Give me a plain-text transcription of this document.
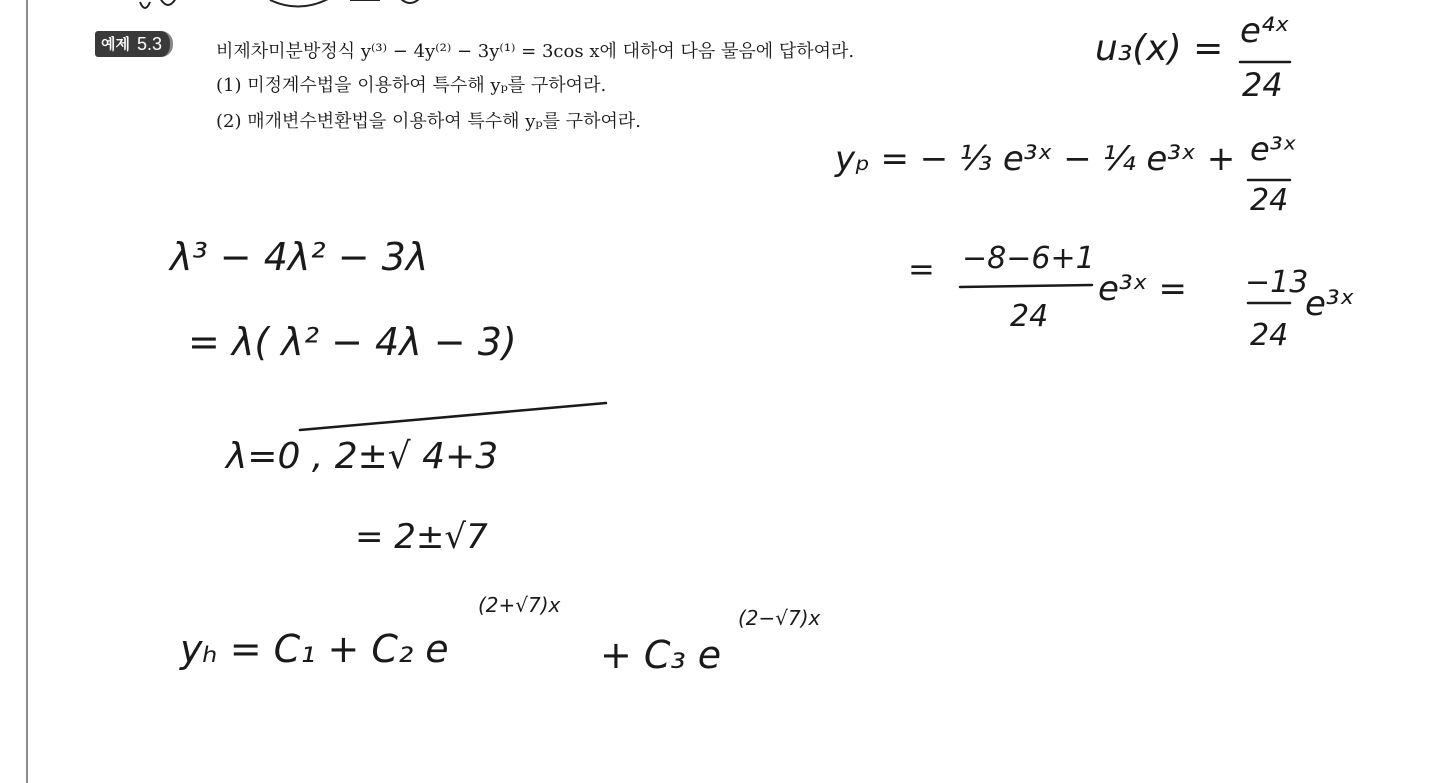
예제 5.3	비제차미분방정식 y⁽³⁾ − 4y⁽²⁾ − 3y⁽¹⁾ = 3cos x에 대하여 다음 물음에 답하여라.
(1) 미정계수법을 이용하여 특수해 yₚ를 구하여라.
(2) 매개변수변환법을 이용하여 특수해 yₚ를 구하여라.
λ³ − 4λ² − 3λ
= λ( λ² − 4λ − 3)
λ=0 , 2±√ 4+3
= 2±√7
yₕ = C₁ + C₂ e
(2+√7)x
+ C₃ e
(2−√7)x
u₃(x) = e⁴ˣ
24
yₚ = − ⅓ e³ˣ − ¼ e³ˣ + e³ˣ
24
= −8−6+1
24
e³ˣ = −13
24
e³ˣ
